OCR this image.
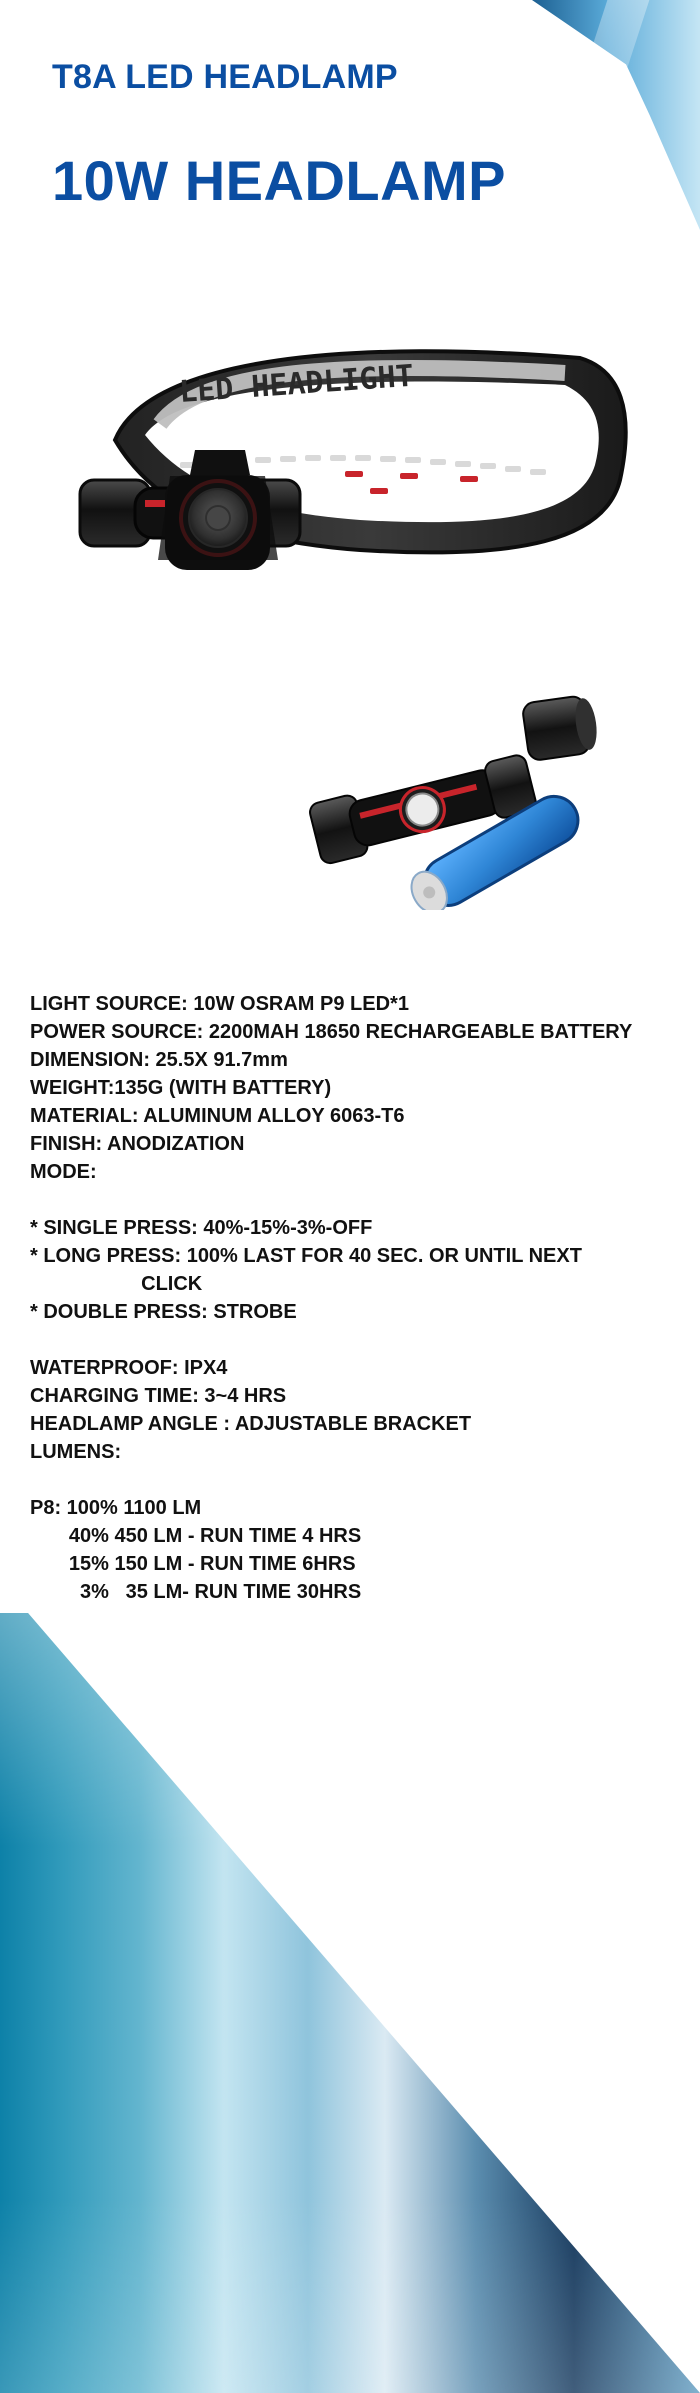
T8A LED HEADLAMP
10W HEADLAMP
LED HEADLIGHT

LIGHT SOURCE: 10W OSRAM P9 LED*1

POWER SOURCE: 2200MAH 18650 RECHARGEABLE BATTERY

DIMENSION: 25.5X 91.7mm

WEIGHT:135G (WITH BATTERY)

MATERIAL: ALUMINUM ALLOY 6063-T6

FINISH: ANODIZATION

MODE:

* SINGLE PRESS: 40%-15%-3%-OFF

* LONG PRESS: 100% LAST FOR 40 SEC. OR UNTIL NEXT

CLICK

* DOUBLE PRESS: STROBE

WATERPROOF: IPX4

CHARGING TIME: 3~4 HRS

HEADLAMP ANGLE : ADJUSTABLE BRACKET

LUMENS:

P8: 100% 1100 LM

40% 450 LM - RUN TIME 4 HRS

15% 150 LM - RUN TIME 6HRS

3%   35 LM- RUN TIME 30HRS
